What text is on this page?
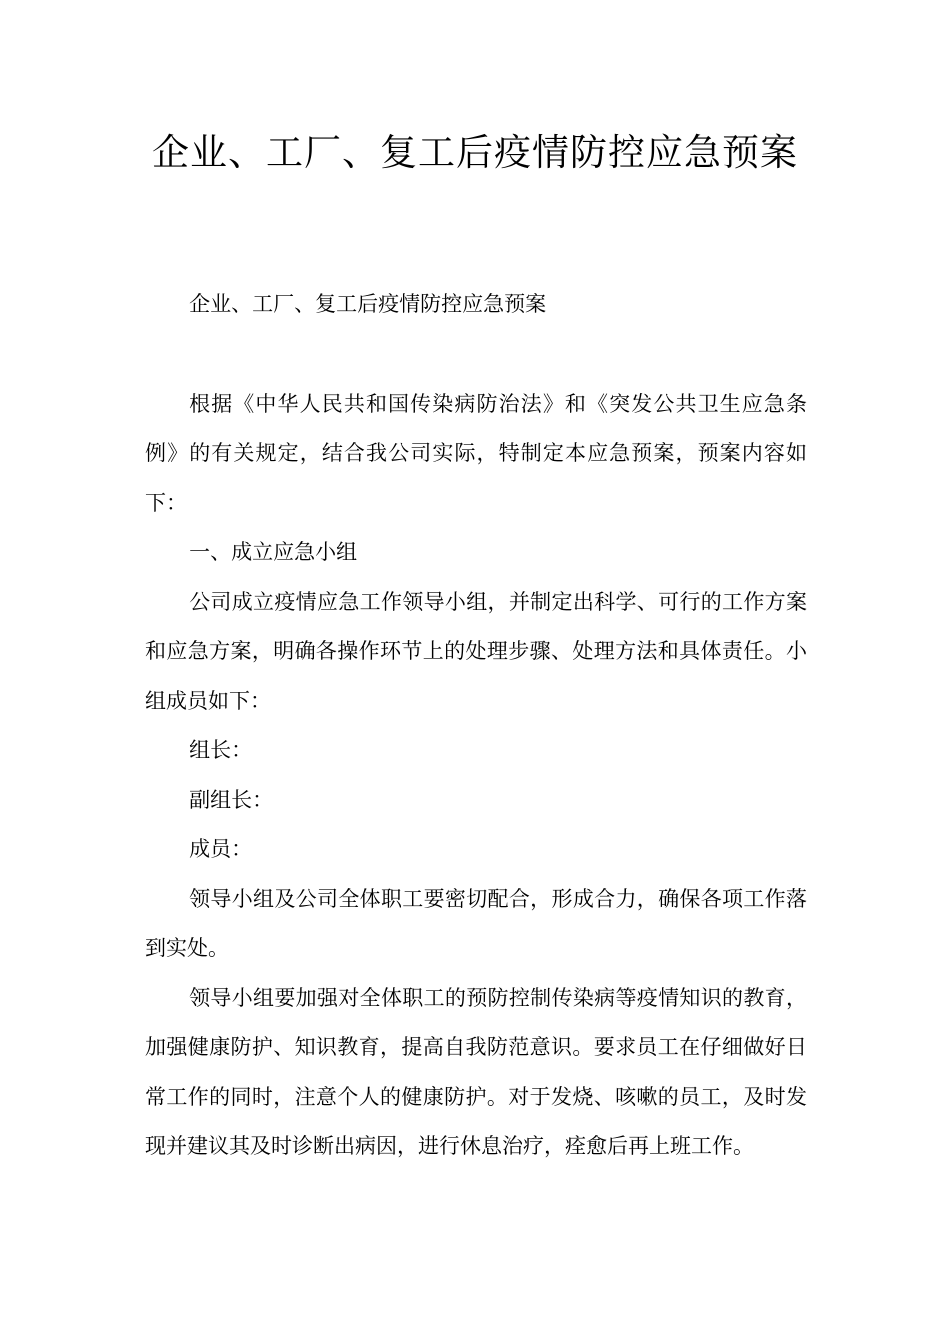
企业、工厂、复工后疫情防控应急预案

企业、工厂、复工后疫情防控应急预案

根据《中华人民共和国传染病防治法》和《突发公共卫生应急条例》的有关规定，结合我公司实际，特制定本应急预案，预案内容如下：

一、成立应急小组

公司成立疫情应急工作领导小组，并制定出科学、可行的工作方案和应急方案，明确各操作环节上的处理步骤、处理方法和具体责任。小组成员如下：

组长：

副组长：

成员：

领导小组及公司全体职工要密切配合，形成合力，确保各项工作落到实处。

领导小组要加强对全体职工的预防控制传染病等疫情知识的教育，加强健康防护、知识教育，提高自我防范意识。要求员工在仔细做好日常工作的同时，注意个人的健康防护。对于发烧、咳嗽的员工，及时发现并建议其及时诊断出病因，进行休息治疗，痊愈后再上班工作。
